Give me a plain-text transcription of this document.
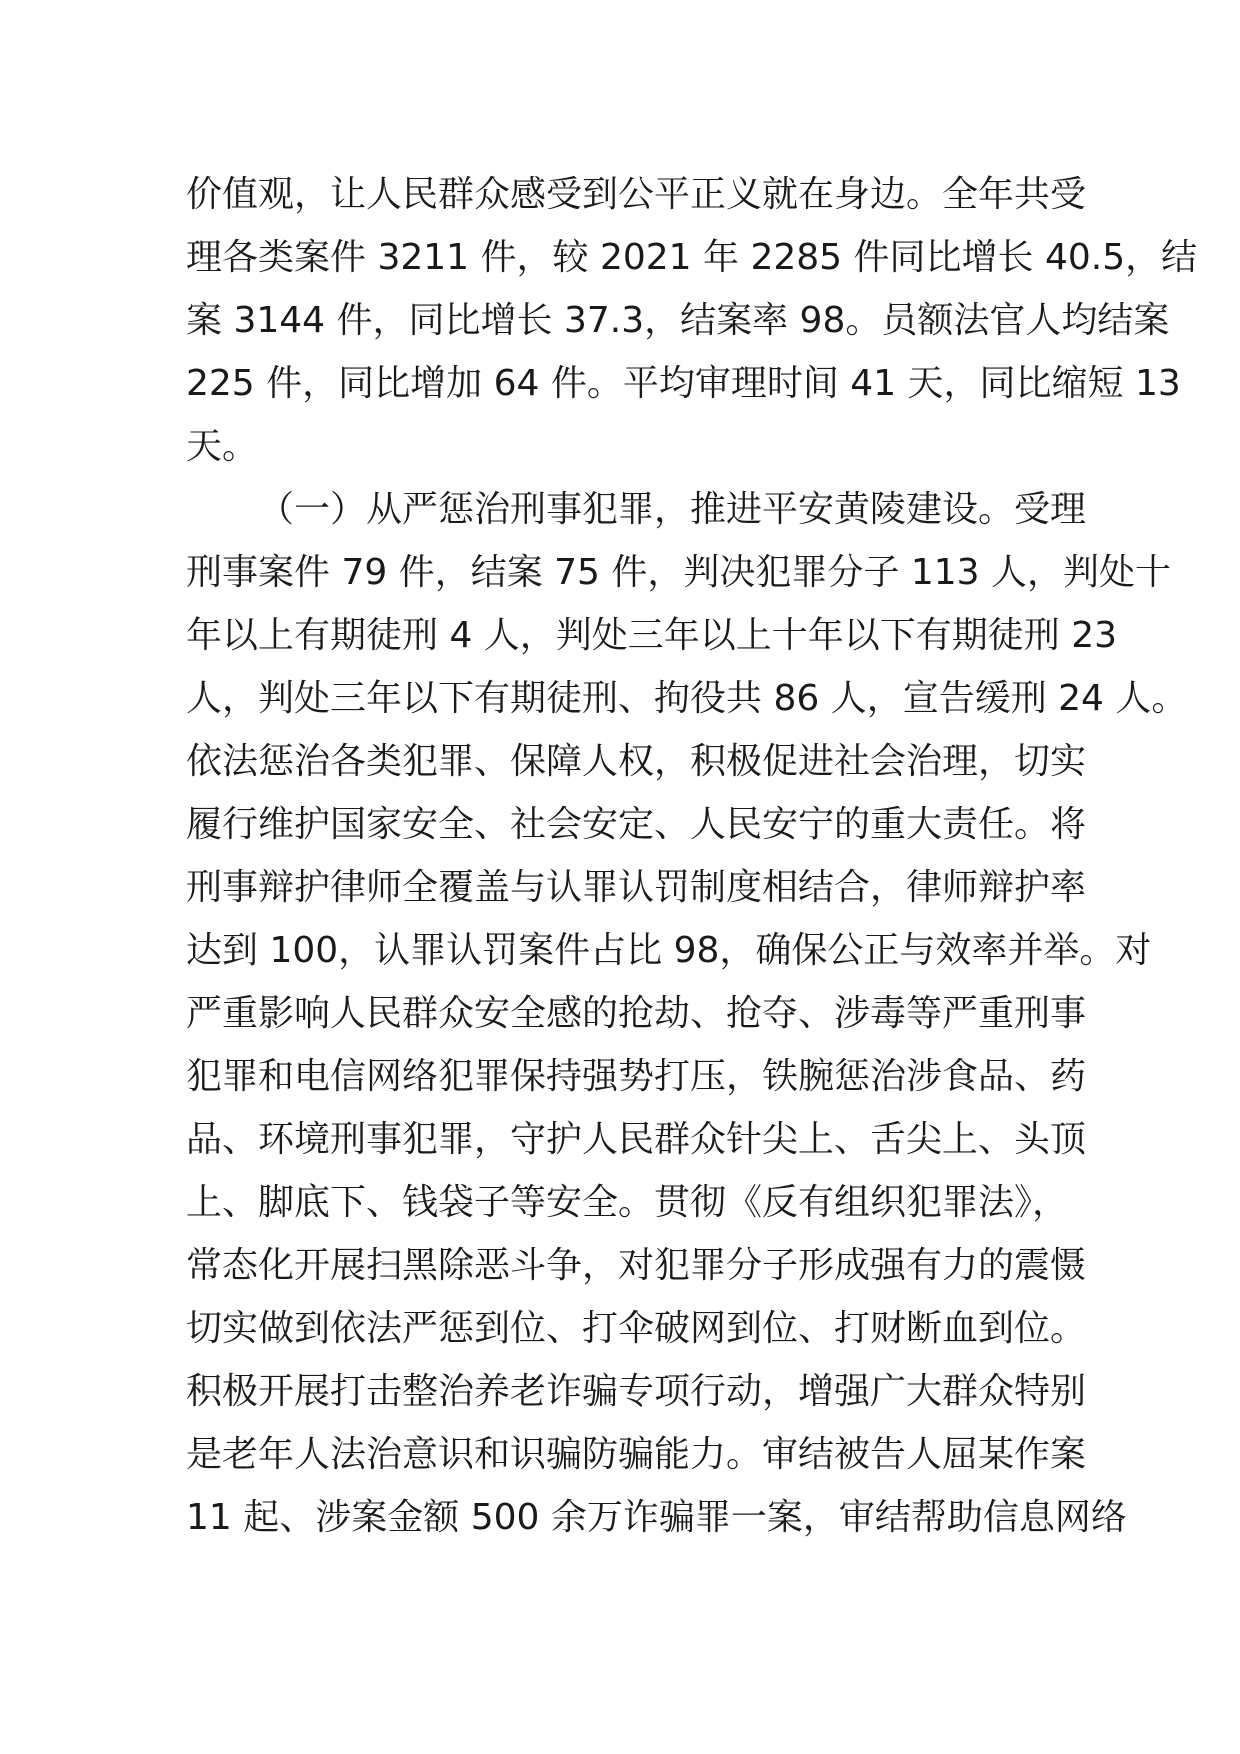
价值观，让人民群众感受到公平正义就在身边。全年共受
理各类案件 3211 件，较 2021 年 2285 件同比增长 40.5，结
案 3144 件，同比增长 37.3，结案率 98。员额法官人均结案
225 件，同比增加 64 件。平均审理时间 41 天，同比缩短 13
天。
（一）从严惩治刑事犯罪，推进平安黄陵建设。受理
刑事案件 79 件，结案 75 件，判决犯罪分子 113 人，判处十
年以上有期徒刑 4 人，判处三年以上十年以下有期徒刑 23
人，判处三年以下有期徒刑、拘役共 86 人，宣告缓刑 24 人。
依法惩治各类犯罪、保障人权，积极促进社会治理，切实
履行维护国家安全、社会安定、人民安宁的重大责任。将
刑事辩护律师全覆盖与认罪认罚制度相结合，律师辩护率
达到 100，认罪认罚案件占比 98，确保公正与效率并举。对
严重影响人民群众安全感的抢劫、抢夺、涉毒等严重刑事
犯罪和电信网络犯罪保持强势打压，铁腕惩治涉食品、药
品、环境刑事犯罪，守护人民群众针尖上、舌尖上、头顶
上、脚底下、钱袋子等安全。贯彻《反有组织犯罪法》，
常态化开展扫黑除恶斗争，对犯罪分子形成强有力的震慑
切实做到依法严惩到位、打伞破网到位、打财断血到位。
积极开展打击整治养老诈骗专项行动，增强广大群众特别
是老年人法治意识和识骗防骗能力。审结被告人屈某作案
11 起、涉案金额 500 余万诈骗罪一案，审结帮助信息网络
